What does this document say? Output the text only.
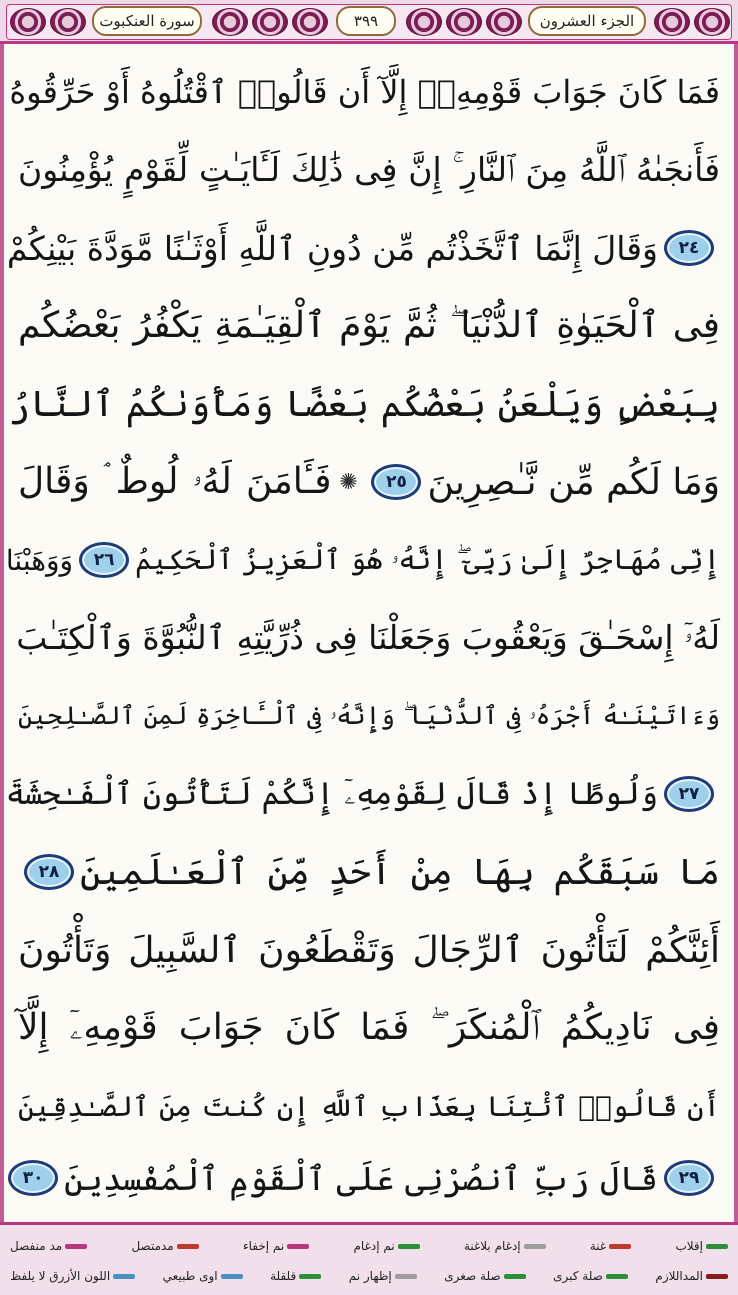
سورة العنكبوت	٣٩٩	الجزء العشرون
فَمَا كَانَ جَوَابَ قَوْمِهِۦٓ إِلَّآ أَن قَالُوا۟ ٱقْتُلُوهُ أَوْ حَرِّقُوهُ
فَأَنجَىٰهُ ٱللَّهُ مِنَ ٱلنَّارِ ۚ إِنَّ فِى ذَٰلِكَ لَـَٔايَـٰتٍ لِّقَوْمٍ يُؤْمِنُونَ
٢٤
وَقَالَ إِنَّمَا ٱتَّخَذْتُم مِّن دُونِ ٱللَّهِ أَوْثَـٰنًا مَّوَدَّةَ بَيْنِكُمْ
فِى ٱلْحَيَوٰةِ ٱلدُّنْيَا ۖ ثُمَّ يَوْمَ ٱلْقِيَـٰمَةِ يَكْفُرُ بَعْضُكُم
بِبَعْضٍ وَيَلْعَنُ بَعْضُكُم بَعْضًا وَمَأْوَىٰكُمُ ٱلنَّارُ
وَمَا لَكُم مِّن نَّـٰصِرِينَ
٢٥
✺
فَـَٔامَنَ لَهُۥ لُوطٌ ۘ وَقَالَ
إِنِّى مُهَاجِرٌ إِلَىٰ رَبِّىٓ ۖ إِنَّهُۥ هُوَ ٱلْعَزِيزُ ٱلْحَكِيمُ
٢٦
وَوَهَبْنَا
لَهُۥٓ إِسْحَـٰقَ وَيَعْقُوبَ وَجَعَلْنَا فِى ذُرِّيَّتِهِ ٱلنُّبُوَّةَ وَٱلْكِتَـٰبَ
وَءَاتَيْنَـٰهُ أَجْرَهُۥ فِى ٱلدُّنْيَا ۖ وَإِنَّهُۥ فِى ٱلْـَٔاخِرَةِ لَمِنَ ٱلصَّـٰلِحِينَ
٢٧
وَلُوطًا إِذْ قَالَ لِقَوْمِهِۦٓ إِنَّكُمْ لَتَأْتُونَ ٱلْفَـٰحِشَةَ
مَا سَبَقَكُم بِهَا مِنْ أَحَدٍ مِّنَ ٱلْعَـٰلَمِينَ
٢٨
أَئِنَّكُمْ لَتَأْتُونَ ٱلرِّجَالَ وَتَقْطَعُونَ ٱلسَّبِيلَ وَتَأْتُونَ
فِى نَادِيكُمُ ٱلْمُنكَرَ ۖ فَمَا كَانَ جَوَابَ قَوْمِهِۦٓ إِلَّآ
أَن قَالُوا۟ ٱئْتِنَا بِعَذَابِ ٱللَّهِ إِن كُنتَ مِنَ ٱلصَّـٰدِقِينَ
٢٩
قَالَ رَبِّ ٱنصُرْنِى عَلَى ٱلْقَوْمِ ٱلْمُفْسِدِينَ
٣٠
إقلاب
غنة
إدغام بلاغنة
نم إدغام
نم إخفاء
مدمتصل
مد منفصل
المداللازم
صلة كبرى
صلة صغرى
إظهار نم
قلقلة
اوى طبيعي
اللون الأزرق لا يلفظ
